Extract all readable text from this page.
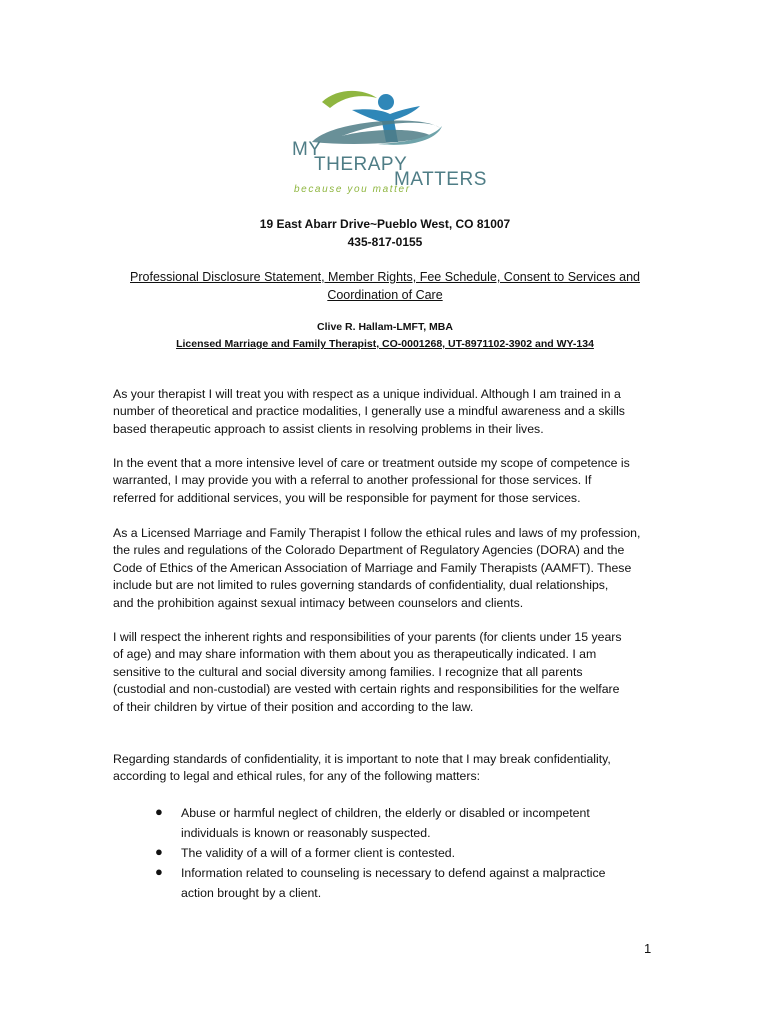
MY
THERAPY
MATTERS
because you matter
19 East Abarr Drive~Pueblo West, CO 81007
435-817-0155
Professional Disclosure Statement, Member Rights, Fee Schedule, Consent to Services and
Coordination of Care
Clive R. Hallam-LMFT, MBA
Licensed Marriage and Family Therapist, CO-0001268, UT-8971102-3902 and WY-134

As your therapist I will treat you with respect as a unique individual. Although I am trained in a
number of theoretical and practice modalities, I generally use a mindful awareness and a skills
based therapeutic approach to assist clients in resolving problems in their lives.

In the event that a more intensive level of care or treatment outside my scope of competence is
warranted, I may provide you with a referral to another professional for those services. If
referred for additional services, you will be responsible for payment for those services.

As a Licensed Marriage and Family Therapist I follow the ethical rules and laws of my profession,
the rules and regulations of the Colorado Department of Regulatory Agencies (DORA) and the
Code of Ethics of the American Association of Marriage and Family Therapists (AAMFT). These
include but are not limited to rules governing standards of confidentiality, dual relationships,
and the prohibition against sexual intimacy between counselors and clients.

I will respect the inherent rights and responsibilities of your parents (for clients under 15 years
of age) and may share information with them about you as therapeutically indicated. I am
sensitive to the cultural and social diversity among families. I recognize that all parents
(custodial and non-custodial) are vested with certain rights and responsibilities for the welfare
of their children by virtue of their position and according to the law.

Regarding standards of confidentiality, it is important to note that I may break confidentiality,
according to legal and ethical rules, for any of the following matters:

● Abuse or harmful neglect of children, the elderly or disabled or incompetent
individuals is known or reasonably suspected.
● The validity of a will of a former client is contested.
● Information related to counseling is necessary to defend against a malpractice
action brought by a client.
1
